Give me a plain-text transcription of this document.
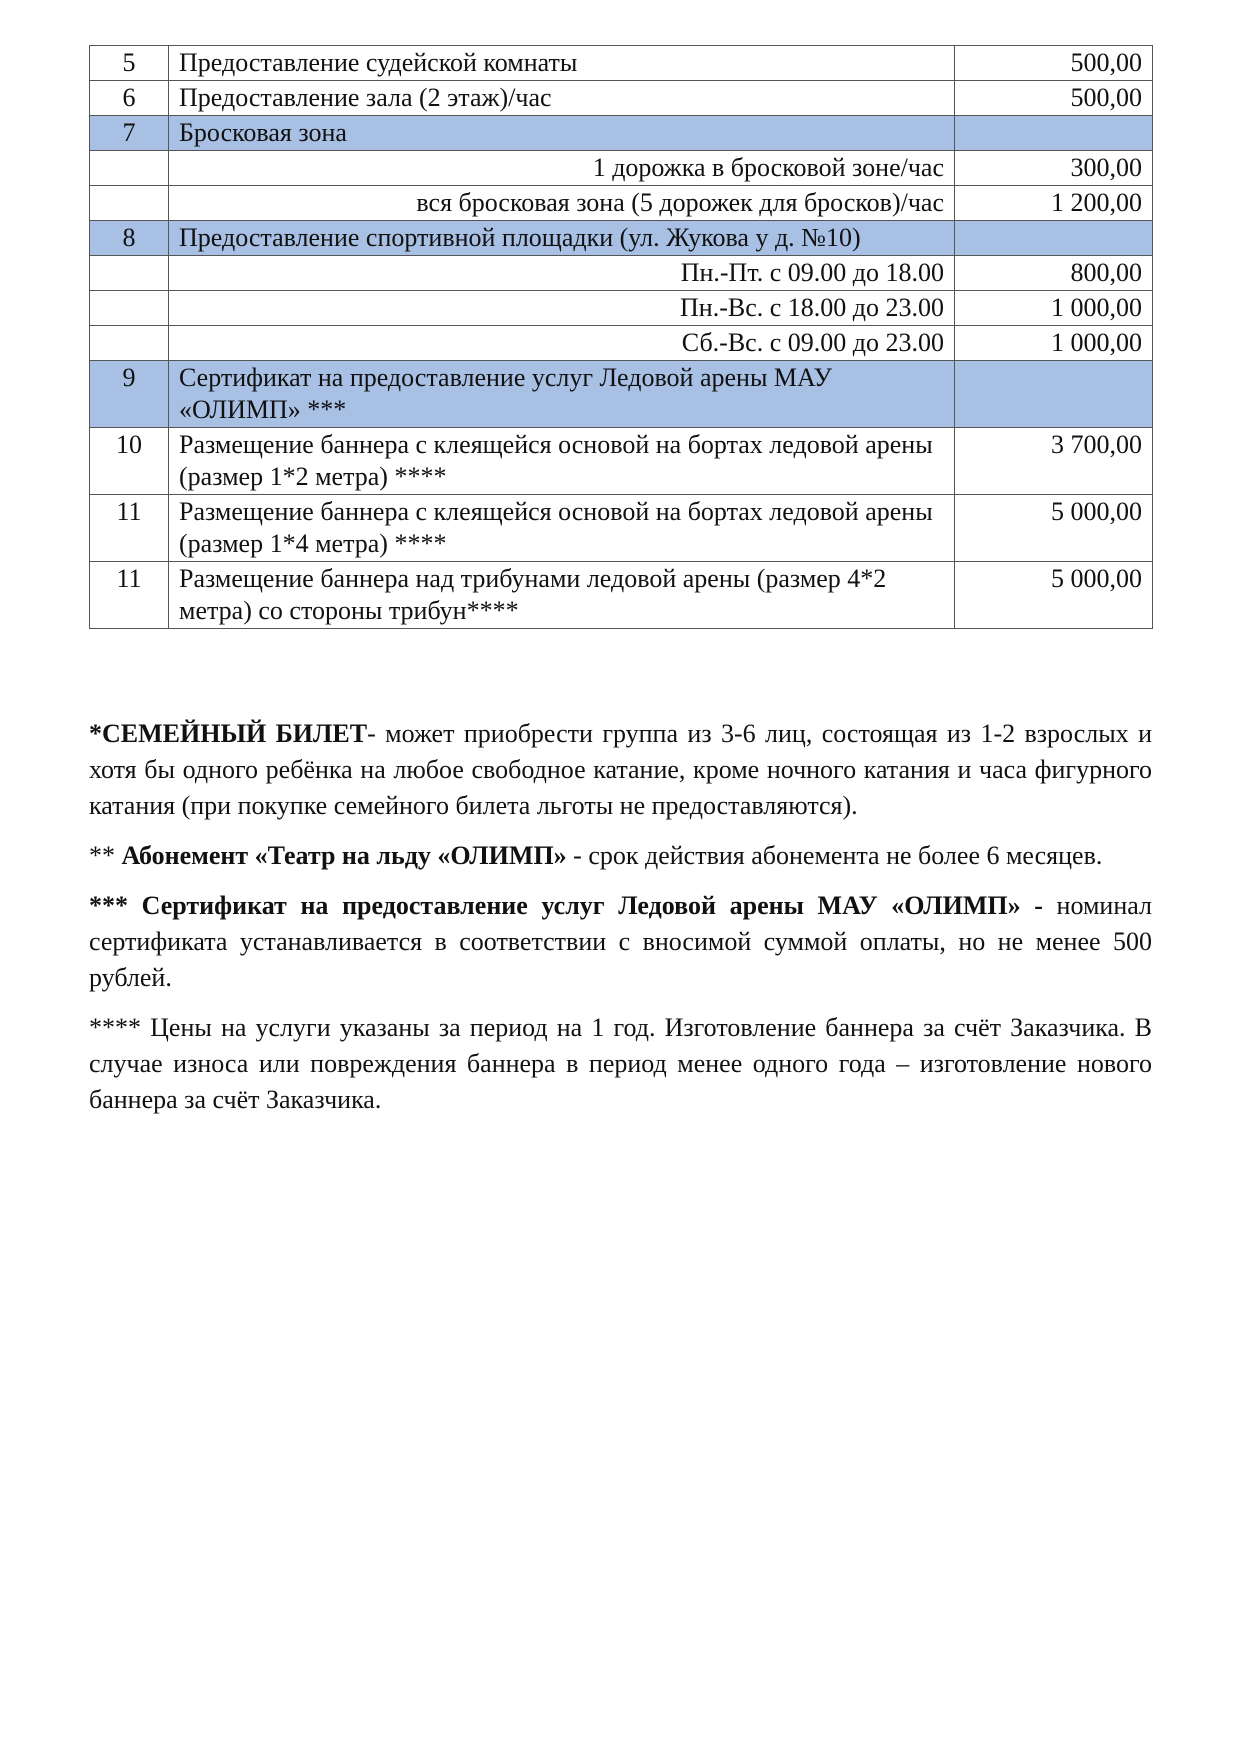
5	Предоставление судейской комнаты	500,00
6	Предоставление зала (2 этаж)/час	500,00
7	Бросковая зона	
	1 дорожка в бросковой зоне/час	300,00
	вся бросковая зона (5 дорожек для бросков)/час	1 200,00
8	Предоставление спортивной площадки (ул. Жукова у д. №10)	
	Пн.-Пт. с 09.00 до 18.00	800,00
	Пн.-Вс. с 18.00 до 23.00	1 000,00
	Сб.-Вс. с 09.00 до 23.00	1 000,00
9	Сертификат на предоставление услуг Ледовой арены МАУ «ОЛИМП» ***	
10	Размещение баннера с клеящейся основой на бортах ледовой арены (размер 1*2 метра) ****	3 700,00
11	Размещение баннера с клеящейся основой на бортах ледовой арены (размер 1*4 метра) ****	5 000,00
11	Размещение баннера над трибунами ледовой арены (размер 4*2 метра) со стороны трибун****	5 000,00

*СЕМЕЙНЫЙ БИЛЕТ- может приобрести группа из 3-6 лиц, состоящая из 1-2 взрослых и хотя бы одного ребёнка на любое свободное катание, кроме ночного катания и часа фигурного катания (при покупке семейного билета льготы не предоставляются).

** Абонемент «Театр на льду «ОЛИМП» - срок действия абонемента не более 6 месяцев.

*** Сертификат на предоставление услуг Ледовой арены МАУ «ОЛИМП» - номинал сертификата устанавливается в соответствии с вносимой суммой оплаты, но не менее 500 рублей.

**** Цены на услуги указаны за период на 1 год. Изготовление баннера за счёт Заказчика. В случае износа или повреждения баннера в период менее одного года – изготовление нового баннера за счёт Заказчика.
